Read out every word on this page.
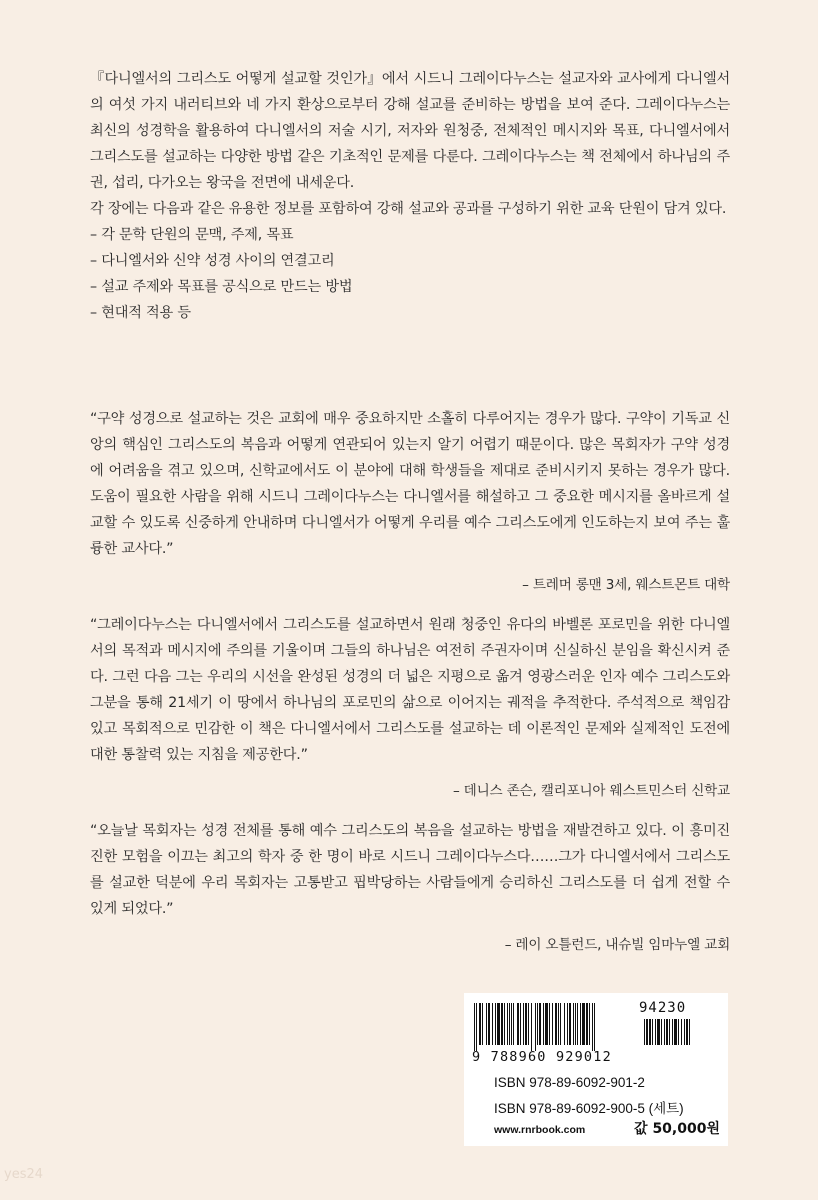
『다니엘서의 그리스도 어떻게 설교할 것인가』에서 시드니 그레이다누스는 설교자와 교사에게 다니엘서의 여섯 가지 내러티브와 네 가지 환상으로부터 강해 설교를 준비하는 방법을 보여 준다. 그레이다누스는 최신의 성경학을 활용하여 다니엘서의 저술 시기, 저자와 원청중, 전체적인 메시지와 목표, 다니엘서에서 그리스도를 설교하는 다양한 방법 같은 기초적인 문제를 다룬다. 그레이다누스는 책 전체에서 하나님의 주권, 섭리, 다가오는 왕국을 전면에 내세운다.

각 장에는 다음과 같은 유용한 정보를 포함하여 강해 설교와 공과를 구성하기 위한 교육 단원이 담겨 있다.

– 각 문학 단원의 문맥, 주제, 목표
– 다니엘서와 신약 성경 사이의 연결고리
– 설교 주제와 목표를 공식으로 만드는 방법
– 현대적 적용 등

“구약 성경으로 설교하는 것은 교회에 매우 중요하지만 소홀히 다루어지는 경우가 많다. 구약이 기독교 신앙의 핵심인 그리스도의 복음과 어떻게 연관되어 있는지 알기 어렵기 때문이다. 많은 목회자가 구약 성경에 어려움을 겪고 있으며, 신학교에서도 이 분야에 대해 학생들을 제대로 준비시키지 못하는 경우가 많다. 도움이 필요한 사람을 위해 시드니 그레이다누스는 다니엘서를 해설하고 그 중요한 메시지를 올바르게 설교할 수 있도록 신중하게 안내하며 다니엘서가 어떻게 우리를 예수 그리스도에게 인도하는지 보여 주는 훌륭한 교사다.”

– 트레머 롱맨 3세, 웨스트몬트 대학

“그레이다누스는 다니엘서에서 그리스도를 설교하면서 원래 청중인 유다의 바벨론 포로민을 위한 다니엘서의 목적과 메시지에 주의를 기울이며 그들의 하나님은 여전히 주권자이며 신실하신 분임을 확신시켜 준다. 그런 다음 그는 우리의 시선을 완성된 성경의 더 넓은 지평으로 옮겨 영광스러운 인자 예수 그리스도와 그분을 통해 21세기 이 땅에서 하나님의 포로민의 삶으로 이어지는 궤적을 추적한다. 주석적으로 책임감 있고 목회적으로 민감한 이 책은 다니엘서에서 그리스도를 설교하는 데 이론적인 문제와 실제적인 도전에 대한 통찰력 있는 지침을 제공한다.”

– 데니스 존슨, 캘리포니아 웨스트민스터 신학교

“오늘날 목회자는 성경 전체를 통해 예수 그리스도의 복음을 설교하는 방법을 재발견하고 있다. 이 흥미진진한 모험을 이끄는 최고의 학자 중 한 명이 바로 시드니 그레이다누스다……그가 다니엘서에서 그리스도를 설교한 덕분에 우리 목회자는 고통받고 핍박당하는 사람들에게 승리하신 그리스도를 더 쉽게 전할 수 있게 되었다.”

– 레이 오틀런드, 내슈빌 임마누엘 교회
94230
9 788960 929012
ISBN 978-89-6092-901-2
ISBN 978-89-6092-900-5 (세트)
www.rnrbook.com	값 50,000원
yes24
